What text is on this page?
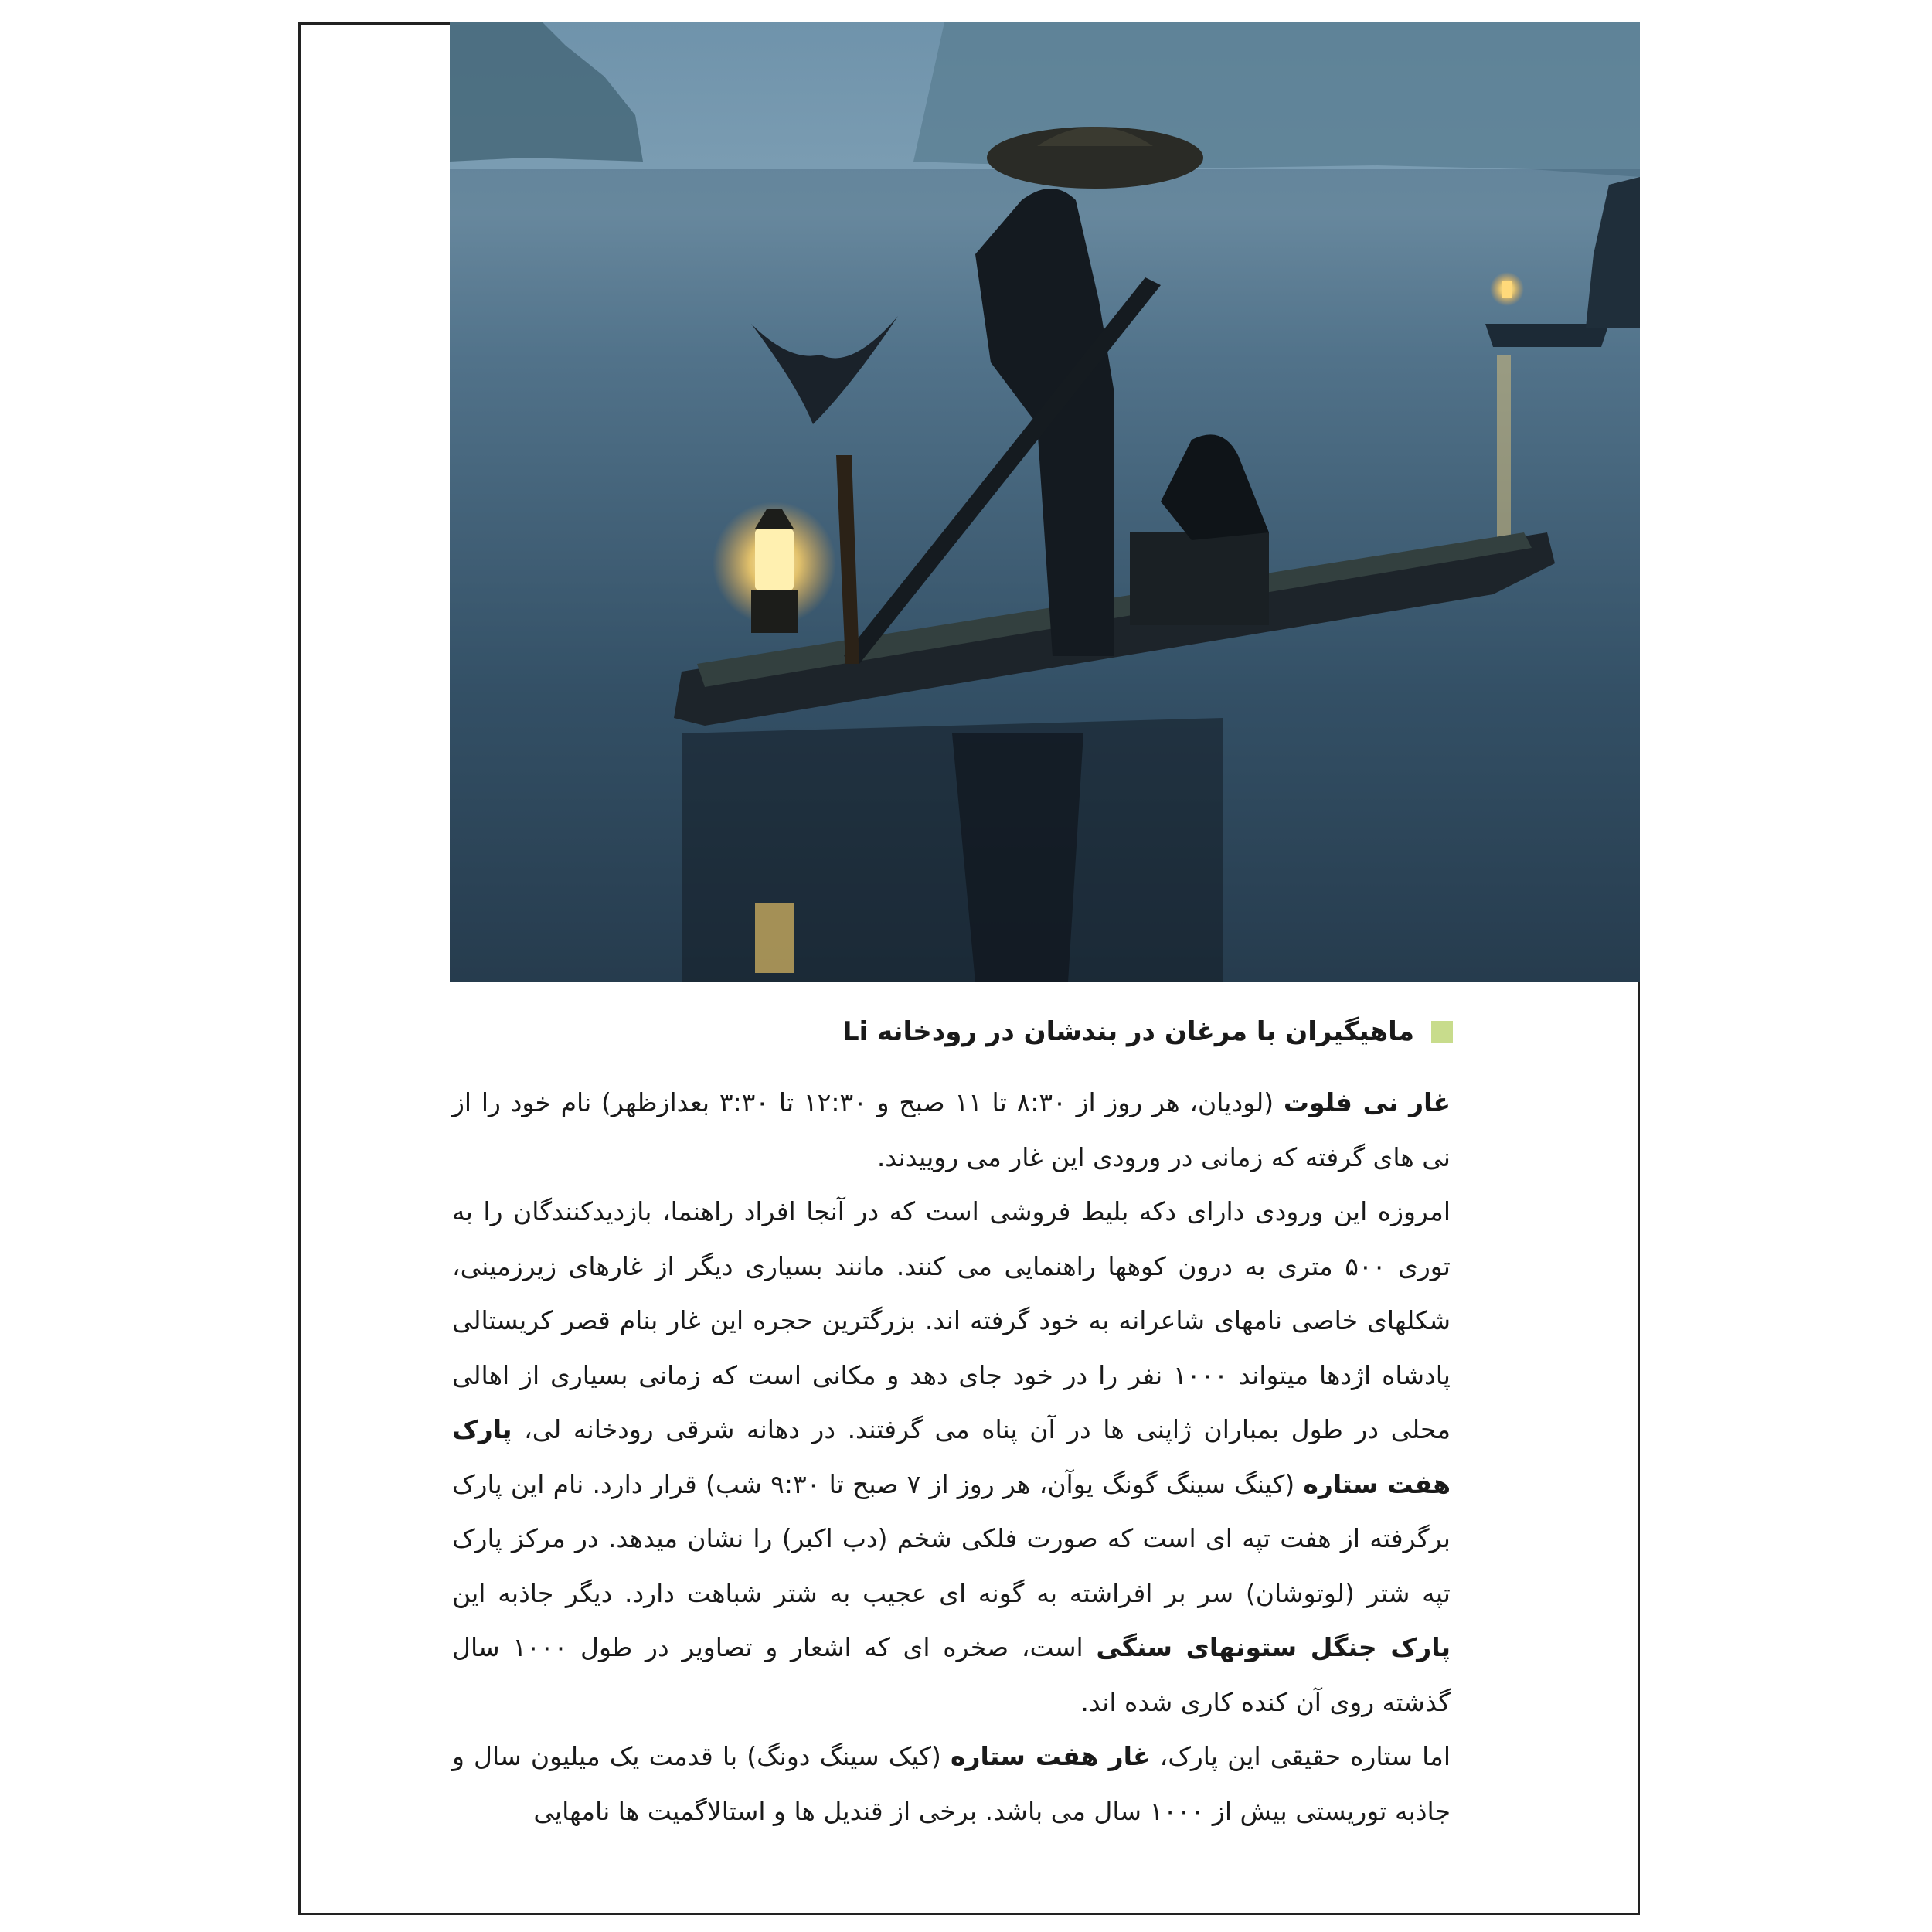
ماهیگیران با مرغان در بندشان در رودخانه Li

غار نی فلوت (لودیان، هر روز از ۸:۳۰ تا ۱۱ صبح و ۱۲:۳۰ تا ۳:۳۰ بعدازظهر) نام خود را از نی های گرفته که زمانی در ورودی این غار می روییدند.

امروزه این ورودی دارای دکه بلیط فروشی است که در آنجا افراد راهنما، بازدیدکنندگان را به توری ۵۰۰ متری به درون کوهها راهنمایی می کنند. مانند بسیاری دیگر از غارهای زیرزمینی، شکلهای خاصی نامهای شاعرانه به خود گرفته اند. بزرگترین حجره این غار بنام قصر کریستالی پادشاه اژدها میتواند ۱۰۰۰ نفر را در خود جای دهد و مکانی است که زمانی بسیاری از اهالی محلی در طول بمباران ژاپنی ها در آن پناه می گرفتند. در دهانه شرقی رودخانه لی، پارک هفت ستاره (کینگ سینگ گونگ یوآن، هر روز از ۷ صبح تا ۹:۳۰ شب) قرار دارد. نام این پارک برگرفته از هفت تپه ای است که صورت فلکی شخم (دب اکبر) را نشان میدهد. در مرکز پارک تپه شتر (لوتوشان) سر بر افراشته به گونه ای عجیب به شتر شباهت دارد. دیگر جاذبه این پارک جنگل ستونهای سنگی است، صخره ای که اشعار و تصاویر در طول ۱۰۰۰ سال گذشته روی آن کنده کاری شده اند.

اما ستاره حقیقی این پارک، غار هفت ستاره (کیک سینگ دونگ) با قدمت یک میلیون سال و جاذبه توریستی بیش از ۱۰۰۰ سال می باشد. برخی از قندیل ها و استالاگمیت ها نامهایی
